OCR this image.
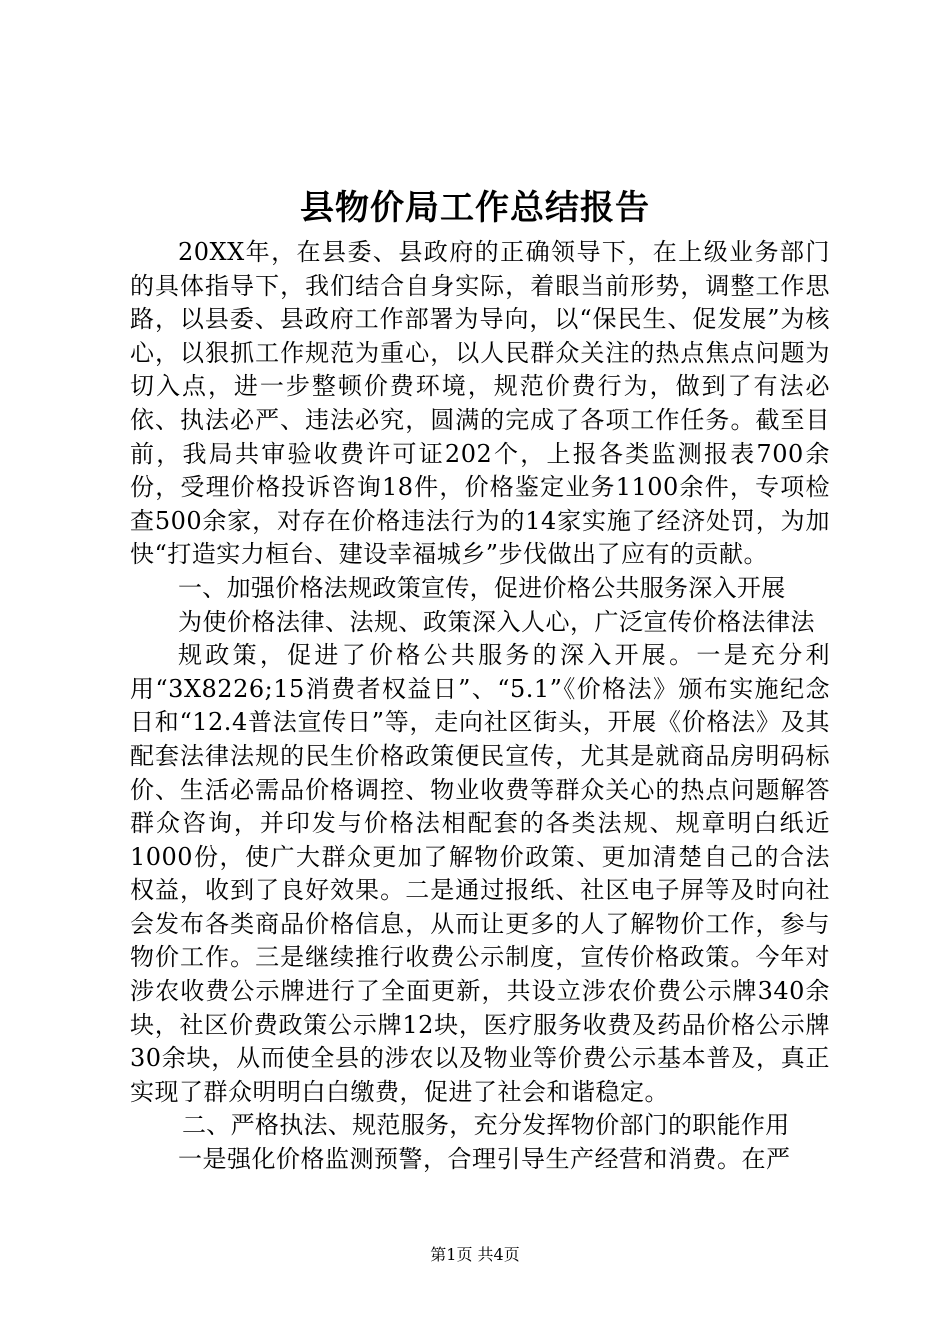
县物价局工作总结报告

20XX年，在县委、县政府的正确领导下，在上级业务部门的具体指导下，我们结合自身实际，着眼当前形势，调整工作思路，以县委、县政府工作部署为导向，以“保民生、促发展”为核心，以狠抓工作规范为重心，以人民群众关注的热点焦点问题为切入点，进一步整顿价费环境，规范价费行为，做到了有法必依、执法必严、违法必究，圆满的完成了各项工作任务。截至目前，我局共审验收费许可证202个，上报各类监测报表700余份，受理价格投诉咨询18件，价格鉴定业务1100余件，专项检查500余家，对存在价格违法行为的14家实施了经济处罚，为加快“打造实力桓台、建设幸福城乡”步伐做出了应有的贡献。

一、加强价格法规政策宣传，促进价格公共服务深入开展

为使价格法律、法规、政策深入人心，广泛宣传价格法律法

规政策，促进了价格公共服务的深入开展。一是充分利用“3X8226;15消费者权益日”、“5.1”《价格法》颁布实施纪念日和“12.4普法宣传日”等，走向社区街头，开展《价格法》及其配套法律法规的民生价格政策便民宣传，尤其是就商品房明码标价、生活必需品价格调控、物业收费等群众关心的热点问题解答群众咨询，并印发与价格法相配套的各类法规、规章明白纸近1000份，使广大群众更加了解物价政策、更加清楚自己的合法权益，收到了良好效果。二是通过报纸、社区电子屏等及时向社会发布各类商品价格信息，从而让更多的人了解物价工作，参与物价工作。三是继续推行收费公示制度，宣传价格政策。今年对涉农收费公示牌进行了全面更新，共设立涉农价费公示牌340余块，社区价费政策公示牌12块，医疗服务收费及药品价格公示牌30余块，从而使全县的涉农以及物业等价费公示基本普及，真正实现了群众明明白白缴费，促进了社会和谐稳定。

二、严格执法、规范服务，充分发挥物价部门的职能作用

一是强化价格监测预警，合理引导生产经营和消费。在严

第1页 共4页
